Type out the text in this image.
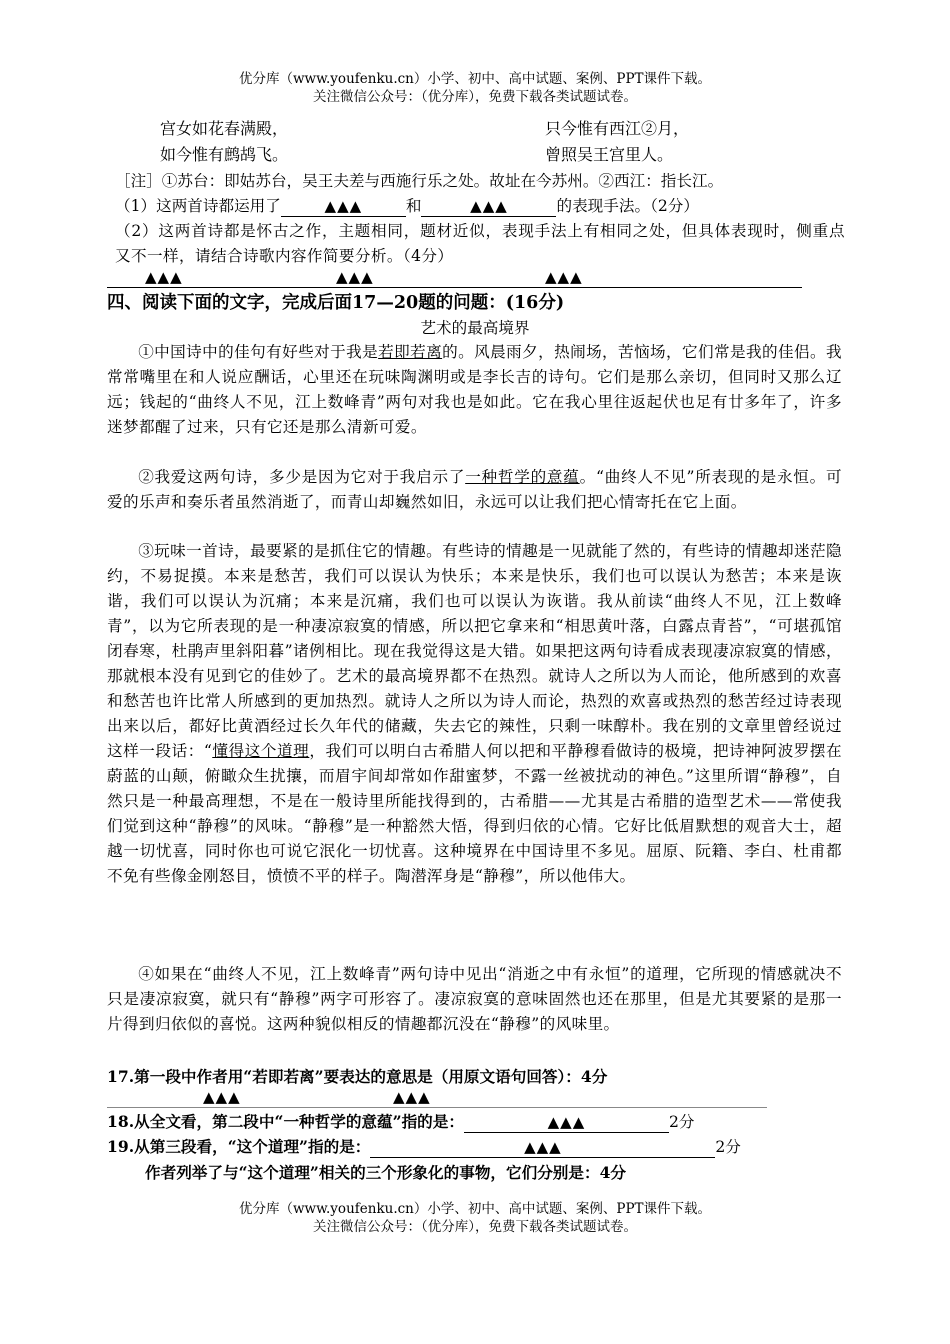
优分库（www.youfenku.cn）小学、初中、高中试题、案例、PPT课件下载。
关注微信公众号：（优分库），免费下载各类试题试卷。
宫女如花春满殿，
如今惟有鹧鸪飞。
只今惟有西江②月，
曾照吴王宫里人。
［注］①苏台：即姑苏台，吴王夫差与西施行乐之处。故址在今苏州。②西江：指长江。
（1）这两首诗都运用了	▲▲▲	和	▲▲▲	的表现手法。（2分）
（2）这两首诗都是怀古之作，主题相同，题材近似，表现手法上有相同之处，但具体表现时，侧重点又不一样，请结合诗歌内容作简要分析。（4分）
▲▲▲	▲▲▲	▲▲▲
四、阅读下面的文字，完成后面17—20题的问题：(16分)
艺术的最高境界
①中国诗中的佳句有好些对于我是若即若离的。风晨雨夕，热闹场，苦恼场，它们常是我的佳侣。我常常嘴里在和人说应酬话，心里还在玩味陶渊明或是李长吉的诗句。它们是那么亲切，但同时又那么辽远；钱起的“曲终人不见，江上数峰青”两句对我也是如此。它在我心里往返起伏也足有廿多年了，许多迷梦都醒了过来，只有它还是那么清新可爱。
②我爱这两句诗，多少是因为它对于我启示了一种哲学的意蕴。“曲终人不见”所表现的是永恒。可爱的乐声和奏乐者虽然消逝了，而青山却巍然如旧，永远可以让我们把心情寄托在它上面。
③玩味一首诗，最要紧的是抓住它的情趣。有些诗的情趣是一见就能了然的，有些诗的情趣却迷茫隐约，不易捉摸。本来是愁苦，我们可以误认为快乐；本来是快乐，我们也可以误认为愁苦；本来是诙谐，我们可以误认为沉痛；本来是沉痛，我们也可以误认为诙谐。我从前读“曲终人不见，江上数峰青”，以为它所表现的是一种凄凉寂寞的情感，所以把它拿来和“相思黄叶落，白露点青苔”，“可堪孤馆闭春寒，杜鹃声里斜阳暮”诸例相比。现在我觉得这是大错。如果把这两句诗看成表现凄凉寂寞的情感，那就根本没有见到它的佳妙了。艺术的最高境界都不在热烈。就诗人之所以为人而论，他所感到的欢喜和愁苦也许比常人所感到的更加热烈。就诗人之所以为诗人而论，热烈的欢喜或热烈的愁苦经过诗表现出来以后，都好比黄酒经过长久年代的储藏，失去它的辣性，只剩一味醇朴。我在别的文章里曾经说过这样一段话：“懂得这个道理，我们可以明白古希腊人何以把和平静穆看做诗的极境，把诗神阿波罗摆在蔚蓝的山颠，俯瞰众生扰攘，而眉宇间却常如作甜蜜梦，不露一丝被扰动的神色。”这里所谓“静穆”，自然只是一种最高理想，不是在一般诗里所能找得到的，古希腊——尤其是古希腊的造型艺术——常使我们觉到这种“静穆”的风味。“静穆”是一种豁然大悟，得到归依的心情。它好比低眉默想的观音大士，超越一切忧喜，同时你也可说它泯化一切忧喜。这种境界在中国诗里不多见。屈原、阮籍、李白、杜甫都不免有些像金刚怒目，愤愤不平的样子。陶潜浑身是“静穆”，所以他伟大。
④如果在“曲终人不见，江上数峰青”两句诗中见出“消逝之中有永恒”的道理，它所现的情感就决不只是凄凉寂寞，就只有“静穆”两字可形容了。凄凉寂寞的意味固然也还在那里，但是尤其要紧的是那一片得到归依似的喜悦。这两种貌似相反的情趣都沉没在“静穆”的风味里。
17.第一段中作者用“若即若离”要表达的意思是（用原文语句回答）：4分
▲▲▲	▲▲▲
18.从全文看，第二段中“一种哲学的意蕴”指的是：	▲▲▲	2分
19.从第三段看，“这个道理”指的是：	▲▲▲	2分
作者列举了与“这个道理”相关的三个形象化的事物，它们分别是：4分
优分库（www.youfenku.cn）小学、初中、高中试题、案例、PPT课件下载。
关注微信公众号：（优分库），免费下载各类试题试卷。
